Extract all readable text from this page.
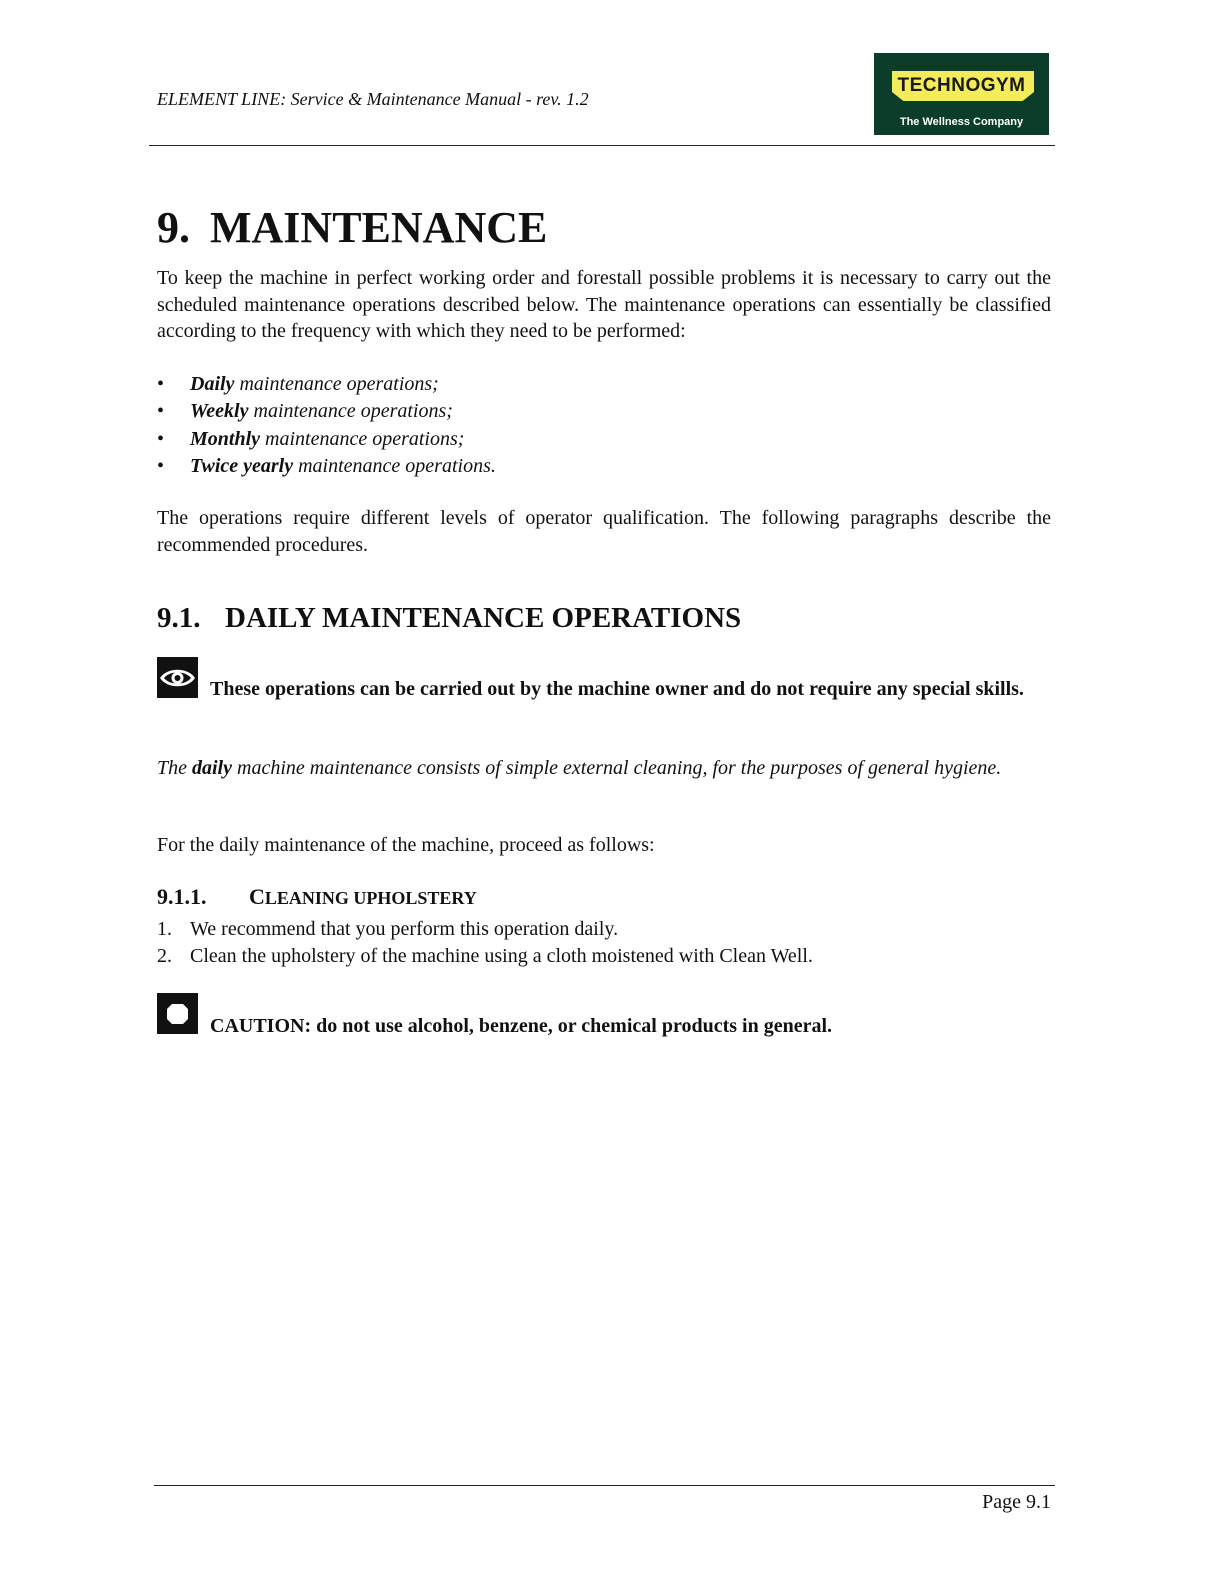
ELEMENT LINE: Service & Maintenance Manual - rev. 1.2
TECHNOGYM
The Wellness Company
9. MAINTENANCE

To keep the machine in perfect working order and forestall possible problems it is necessary to carry out the scheduled maintenance operations described below. The maintenance operations can essentially be classified according to the frequency with which they need to be performed:

• Daily maintenance operations;
• Weekly maintenance operations;
• Monthly maintenance operations;
• Twice yearly maintenance operations.

The operations require different levels of operator qualification. The following paragraphs describe the recommended procedures.

9.1. DAILY MAINTENANCE OPERATIONS

These operations can be carried out by the machine owner and do not require any special skills.

The daily machine maintenance consists of simple external cleaning, for the purposes of general hygiene.

For the daily maintenance of the machine, proceed as follows:

9.1.1. CLEANING UPHOLSTERY
1. We recommend that you perform this operation daily.
2. Clean the upholstery of the machine using a cloth moistened with Clean Well.

CAUTION: do not use alcohol, benzene, or chemical products in general.

Page 9.1
